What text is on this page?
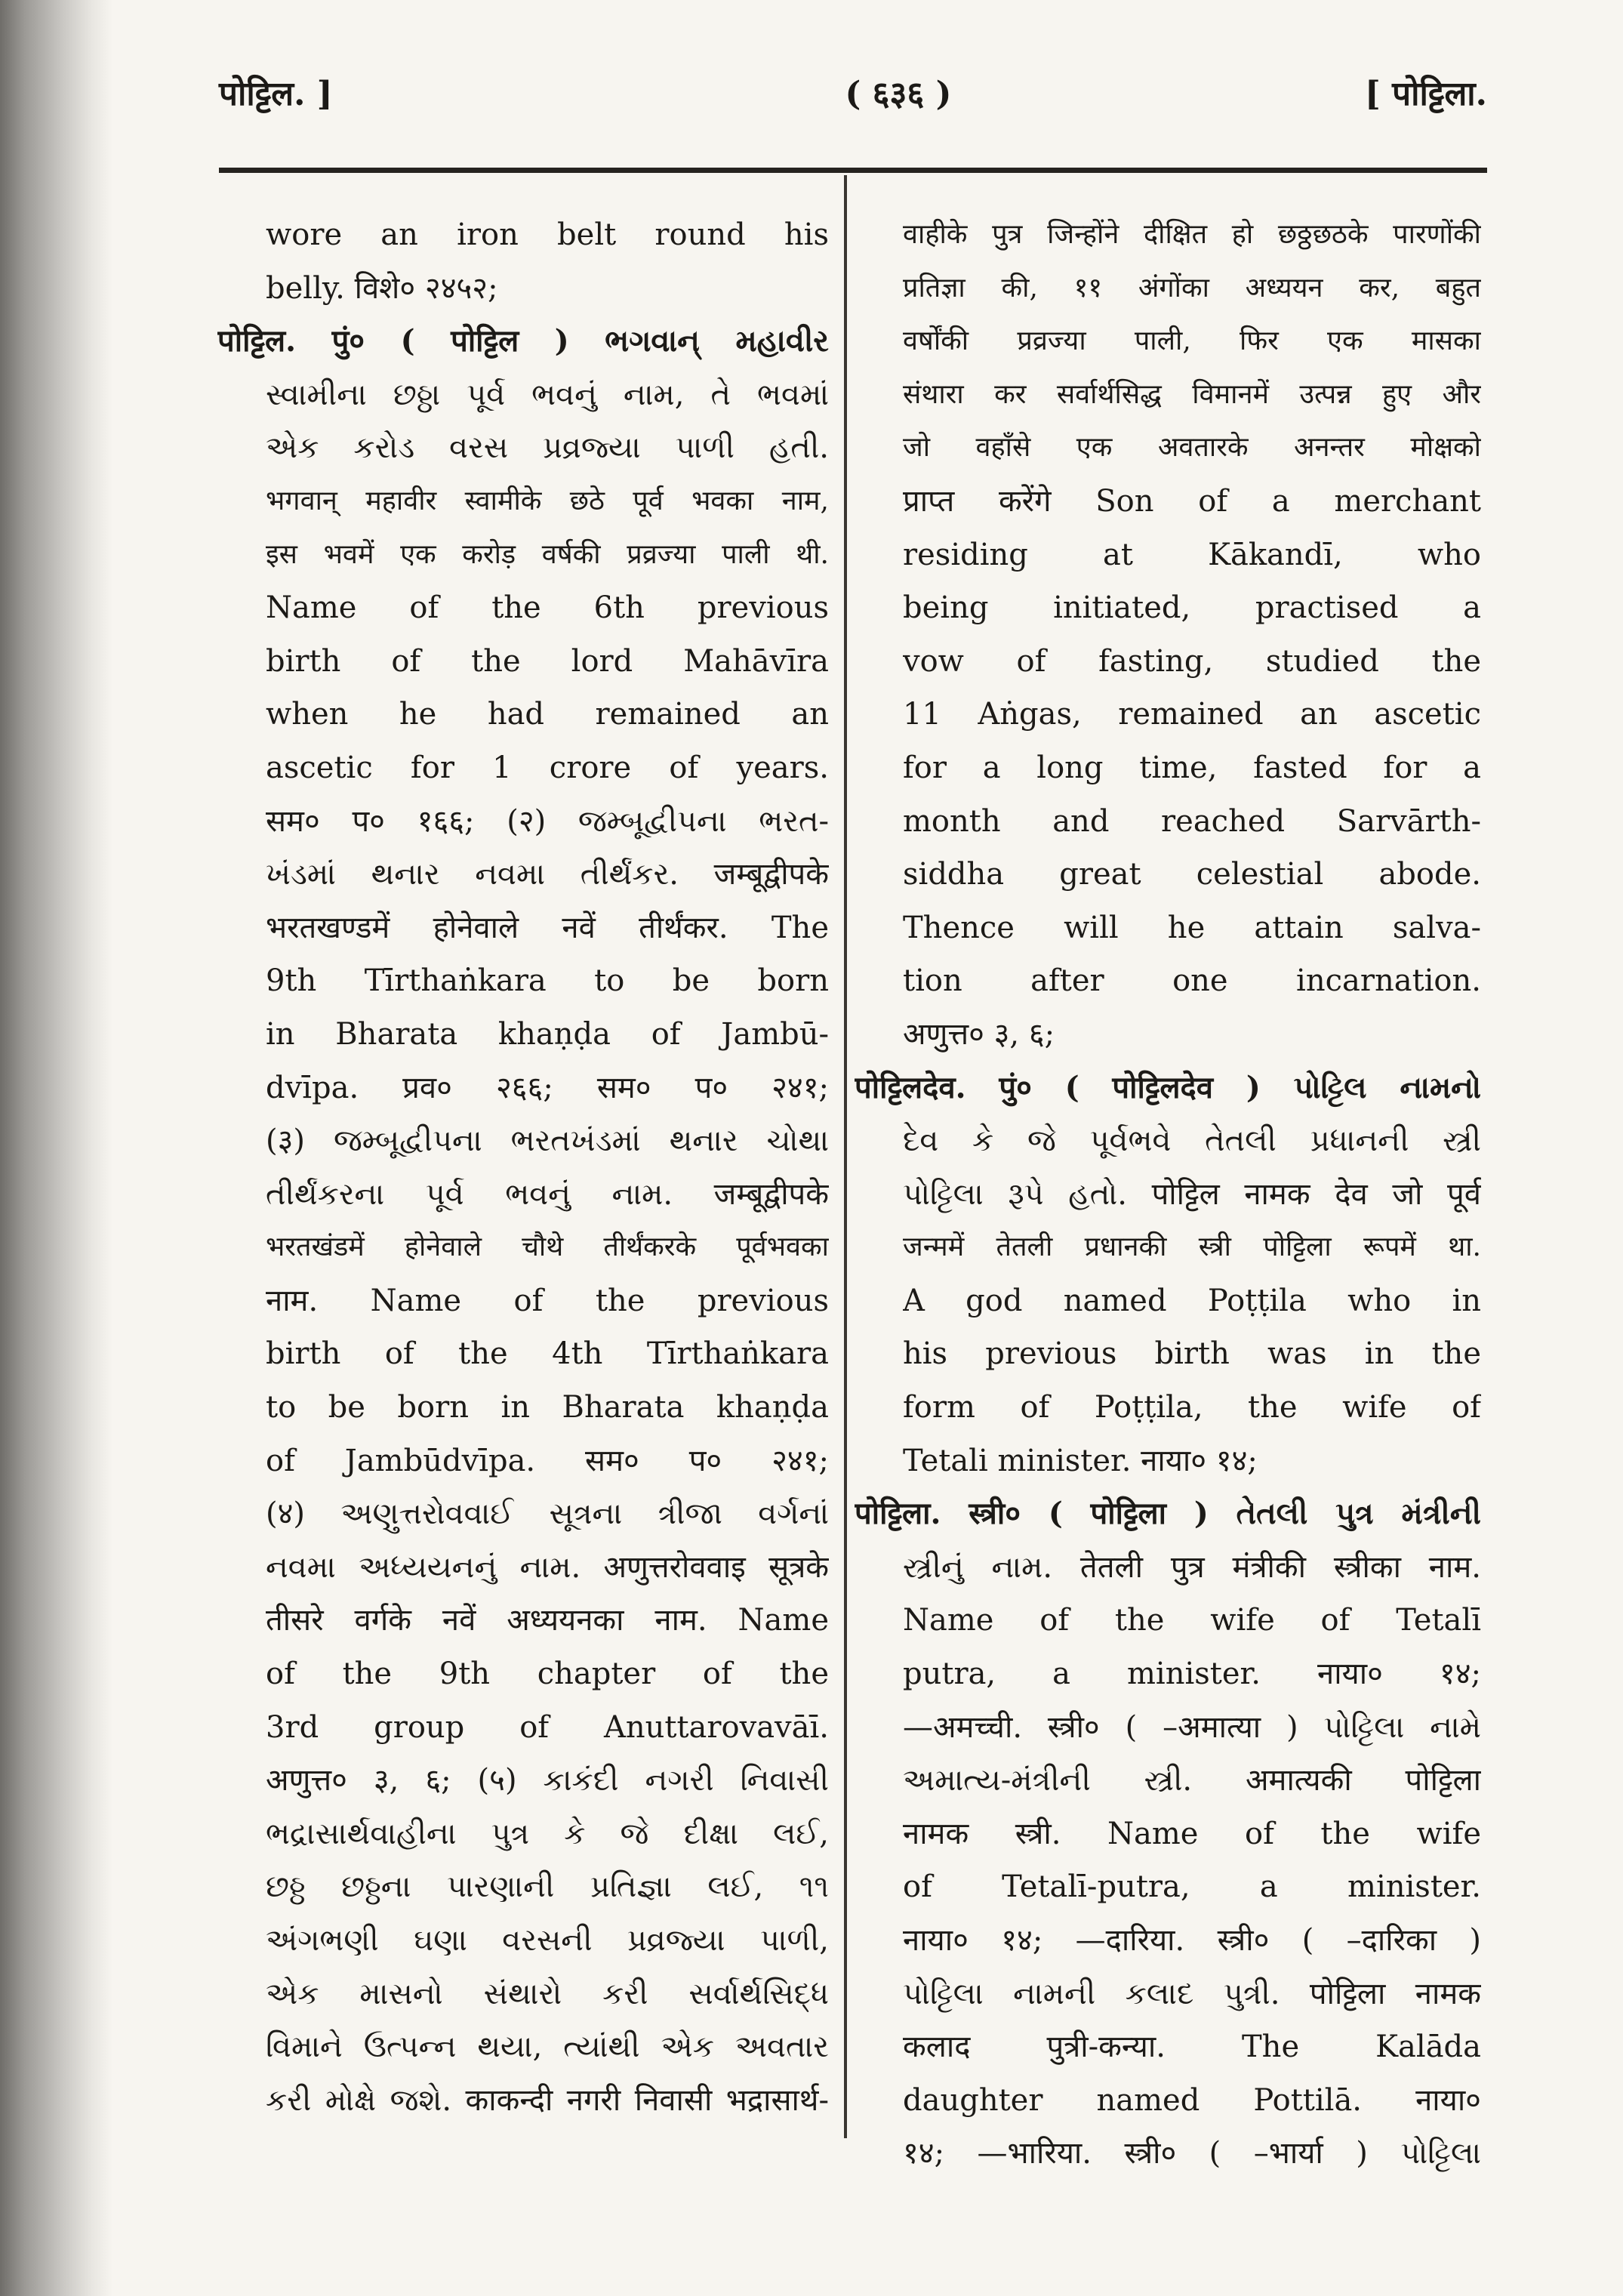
पोट्टिल. ]	( ६३६ )	[ पोट्टिला.
wore an iron belt round his
belly. विशे० २४५२;
पोट्टिल. पुं० ( पोट्टिल ) ભગવાન્ મહાવીર
સ્વામીના છઠ્ઠા પૂર્વ ભવનું નામ, તે ભવમાં
એક કરોડ વરસ પ્રવ્રજ્યા પાળી હતી.
भगवान् महावीर स्वामीके छठे पूर्व भवका नाम,
इस भवमें एक करोड़ वर्षकी प्रव्रज्या पाली थी.
Name of the 6th previous
birth of the lord Mahāvīra
when he had remained an
ascetic for 1 crore of years.
सम० प० १६६; (२) જમ્બૂદ્વીપના ભરત-
ખંડમાં થનાર નવમા તીર્થંકર. जम्बूद्वीपके
भरतखण्डमें होनेवाले नवें तीर्थंकर. The
9th Tīrthaṅkara to be born
in Bharata khaṇḍa of Jambū-
dvīpa. प्रव० २६६; सम० प० २४१;
(३) જમ્બૂદ્વીપના ભરતખંડમાં થનાર ચોથા
તીર્થંકરના પૂર્વ ભવનું નામ. जम्बूद्वीपके
भरतखंडमें होनेवाले चौथे तीर्थंकरके पूर्वभवका
नाम. Name of the previous
birth of the 4th Tīrthaṅkara
to be born in Bharata khaṇḍa
of Jambūdvīpa. सम० प० २४१;
(४) અણુત્તરોવવાઈ સૂત્રના ત્રીજા વર્ગનાં
નવમા અધ્યયનનું નામ. अणुत्तरोववाइ सूत्रके
तीसरे वर्गके नवें अध्ययनका नाम. Name
of the 9th chapter of the
3rd group of Anuttarovavāī.
अणुत्त० ३, ६; (५) કાકંદી નગરી નિવાસી
ભદ્રાસાર્થવાહીના પુત્ર કે જે દીક્ષા લઈ,
છઠ્ઠ છઠ્ઠના પારણાની પ્રતિજ્ઞા લઈ, ૧૧
અંગભણી ઘણા વરસની પ્રવ્રજ્યા પાળી,
એક માસનો સંથારો કરી સર્વાર્થસિદ્ધ
વિમાને ઉત્પન્ન થયા, ત્યાંથી એક અવતાર
કરી મોક્ષે જશે. काकन्दी नगरी निवासी भद्रासार्थ-
वाहीके पुत्र जिन्होंने दीक्षित हो छठ्ठछठके पारणोंकी
प्रतिज्ञा की, ११ अंगोंका अध्ययन कर, बहुत
वर्षोंकी प्रव्रज्या पाली, फिर एक मासका
संथारा कर सर्वार्थसिद्ध विमानमें उत्पन्न हुए और
जो वहाँसे एक अवतारके अनन्तर मोक्षको
प्राप्त करेंगे Son of a merchant
residing at Kākandī, who
being initiated, practised a
vow of fasting, studied the
11 Aṅgas, remained an ascetic
for a long time, fasted for a
month and reached Sarvārth-
siddha great celestial abode.
Thence will he attain salva-
tion after one incarnation.
अणुत्त० ३, ६;
पोट्टिलदेव. पुं० ( पोट्टिलदेव ) પોટ્ટિલ નામનો
દેવ કે જે પૂર્વભવે તેતલી પ્રધાનની સ્ત્રી
પોટ્ટિલા રૂપે હતો. पोट्टिल नामक देव जो पूर्व
जन्ममें तेतली प्रधानकी स्त्री पोट्टिला रूपमें था.
A god named Poṭṭila who in
his previous birth was in the
form of Poṭṭila, the wife of
Tetali minister. नाया० १४;
पोट्टिला. स्त्री० ( पोट्टिला ) તેતલી પુત્ર મંત્રીની
સ્ત્રીનું નામ. तेतली पुत्र मंत्रीकी स्त्रीका नाम.
Name of the wife of Tetalī
putra, a minister. नाया० १४;
—अमच्ची. स्त्री० ( –अमात्या ) પોટ્ટિલા નામે
અમાત્ય-મંત્રીની સ્ત્રી. अमात्यकी पोट्टिला
नामक स्त्री. Name of the wife
of Tetalī-putra, a minister.
नाया० १४; —दारिया. स्त्री० ( –दारिका )
પોટ્ટિલા નામની કલાદ પુત્રી. पोट्टिला नामक
कलाद पुत्री-कन्या. The Kalāda
daughter named Pottilā. नाया०
१४; —भारिया. स्त्री० ( –भार्या ) પોટ્ટિલા
